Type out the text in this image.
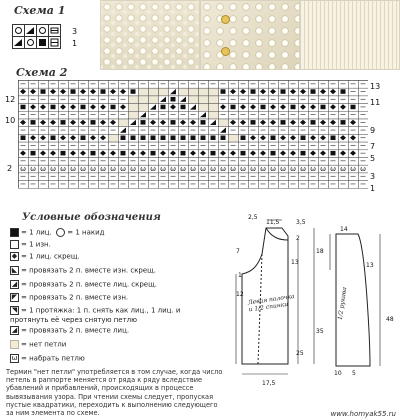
Схема 1
3
1
Схема 2
ω ω ω ω ω ω ω ω ω ω ω ω ω ω ω ω ω ω ω ω ω ω ω ω ω ω ω ω ω ω ω ω ω ω ω
13
11
9
7
5
3
1
12
10
2
Условные обозначения
= 1 лиц. = 1 накид
= 1 изн.
◆ = 1 лиц. скрещ.
◣ = провязать 2 п. вместе изн. скрещ.
◢ = провязать 2 п. вместе лиц. скрещ.
◤ = провязать 2 п. вместе изн.
◥ = 1 протяжка: 1 п. снять как лиц., 1 лиц. и протянуть её через снятую петлю
◢ = провязать 2 п. вместе лиц.
= нет петли
ω = набрать петлю
Термин "нет петли" употребляется в том случае, когда число петель в раппорте меняется от ряда к ряду вследствие убавлений и прибавлений, происходящих в процессе вывязывания узора. При чтении схемы следует, пропуская пустые квадратики, переходить к выполнению следующего за ним элемента по схеме.
2,5
11,5	3,5
2
7
13
18
1
12
35
25
17,5
Левая полочка и 1/2 спинки
14
13
48
10 5
1/2 рукава
www.homyak55.ru
